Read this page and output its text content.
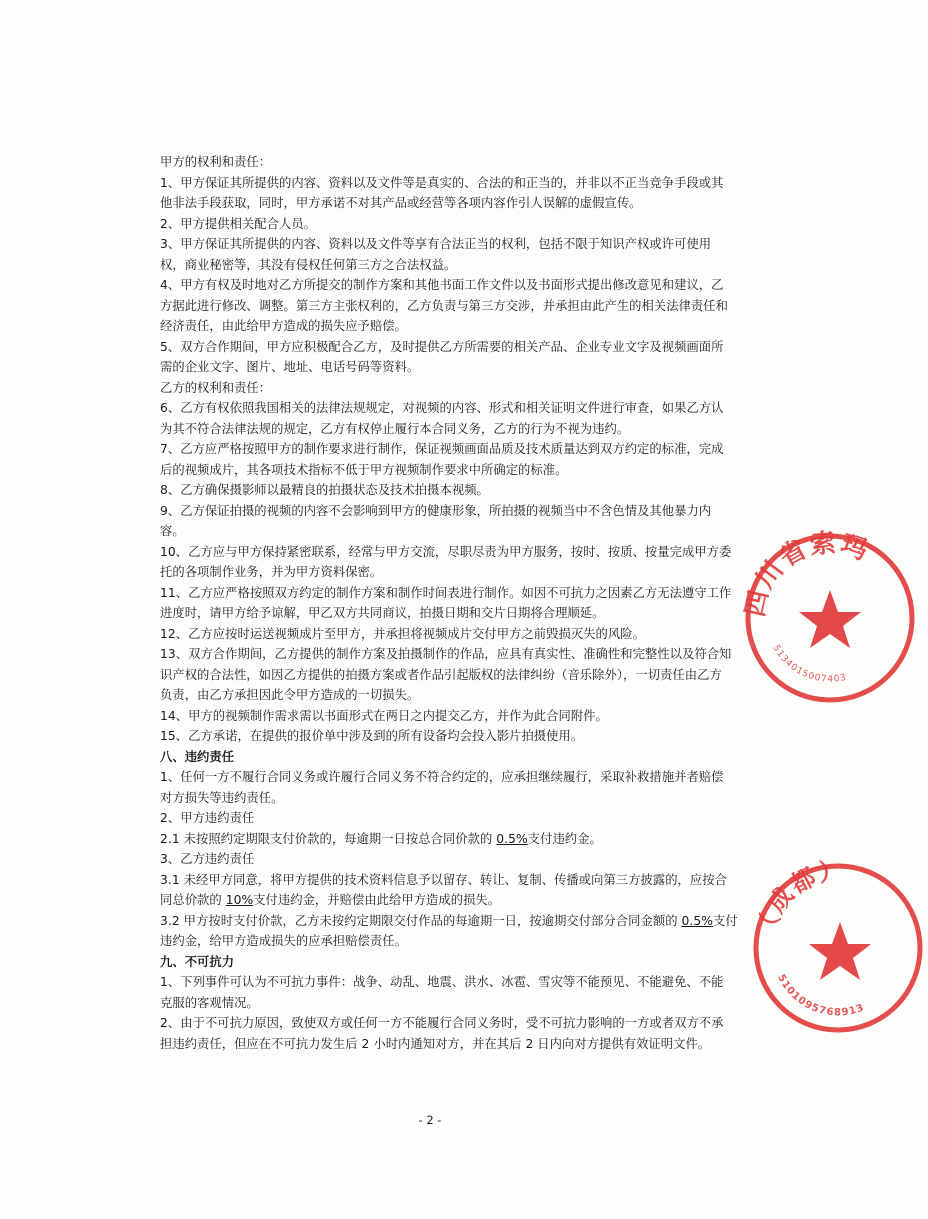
甲方的权利和责任：
1、甲方保证其所提供的内容、资料以及文件等是真实的、合法的和正当的，并非以不正当竞争手段或其
他非法手段获取，同时，甲方承诺不对其产品或经营等各项内容作引人误解的虚假宣传。
2、甲方提供相关配合人员。
3、甲方保证其所提供的内容、资料以及文件等享有合法正当的权利，包括不限于知识产权或许可使用
权，商业秘密等，其没有侵权任何第三方之合法权益。
4、甲方有权及时地对乙方所提交的制作方案和其他书面工作文件以及书面形式提出修改意见和建议，乙
方据此进行修改、调整。第三方主张权利的，乙方负责与第三方交涉，并承担由此产生的相关法律责任和
经济责任，由此给甲方造成的损失应予赔偿。
5、双方合作期间，甲方应积极配合乙方，及时提供乙方所需要的相关产品、企业专业文字及视频画面所
需的企业文字、图片、地址、电话号码等资料。
乙方的权利和责任：
6、乙方有权依照我国相关的法律法规规定，对视频的内容、形式和相关证明文件进行审查，如果乙方认
为其不符合法律法规的规定，乙方有权停止履行本合同义务，乙方的行为不视为违约。
7、乙方应严格按照甲方的制作要求进行制作，保证视频画面品质及技术质量达到双方约定的标准，完成
后的视频成片，其各项技术指标不低于甲方视频制作要求中所确定的标准。
8、乙方确保摄影师以最精良的拍摄状态及技术拍摄本视频。
9、乙方保证拍摄的视频的内容不会影响到甲方的健康形象，所拍摄的视频当中不含色情及其他暴力内
容。
10、乙方应与甲方保持紧密联系，经常与甲方交流，尽职尽责为甲方服务，按时、按质、按量完成甲方委
托的各项制作业务，并为甲方资料保密。
11、乙方应严格按照双方约定的制作方案和制作时间表进行制作。如因不可抗力之因素乙方无法遵守工作
进度时，请甲方给予谅解，甲乙双方共同商议，拍摄日期和交片日期将合理顺延。
12、乙方应按时运送视频成片至甲方，并承担将视频成片交付甲方之前毁损灭失的风险。
13、双方合作期间，乙方提供的制作方案及拍摄制作的作品，应具有真实性、准确性和完整性以及符合知
识产权的合法性，如因乙方提供的拍摄方案或者作品引起版权的法律纠纷（音乐除外），一切责任由乙方
负责，由乙方承担因此令甲方造成的一切损失。
14、甲方的视频制作需求需以书面形式在两日之内提交乙方，并作为此合同附件。
15、乙方承诺，在提供的报价单中涉及到的所有设备均会投入影片拍摄使用。
八、违约责任
1、任何一方不履行合同义务或许履行合同义务不符合约定的，应承担继续履行，采取补救措施并者赔偿
对方损失等违约责任。
2、甲方违约责任
2.1 未按照约定期限支付价款的，每逾期一日按总合同价款的 0.5%支付违约金。
3、乙方违约责任
3.1 未经甲方同意，将甲方提供的技术资料信息予以留存、转让、复制、传播或向第三方披露的，应按合
同总价款的 10%支付违约金，并赔偿由此给甲方造成的损失。
3.2 甲方按时支付价款，乙方未按约定期限交付作品的每逾期一日，按逾期交付部分合同金额的 0.5%支付
违约金，给甲方造成损失的应承担赔偿责任。
九、不可抗力
1、下列事件可认为不可抗力事件：战争、动乱、地震、洪水、冰雹、雪灾等不能预见、不能避免、不能
克服的客观情况。
2、由于不可抗力原因，致使双方或任何一方不能履行合同义务时，受不可抗力影响的一方或者双方不承
担违约责任，但应在不可抗力发生后 2 小时内通知对方，并在其后 2 日内向对方提供有效证明文件。
- 2 -
四川省索玛
5134015007403
（成都）
5101095768913
